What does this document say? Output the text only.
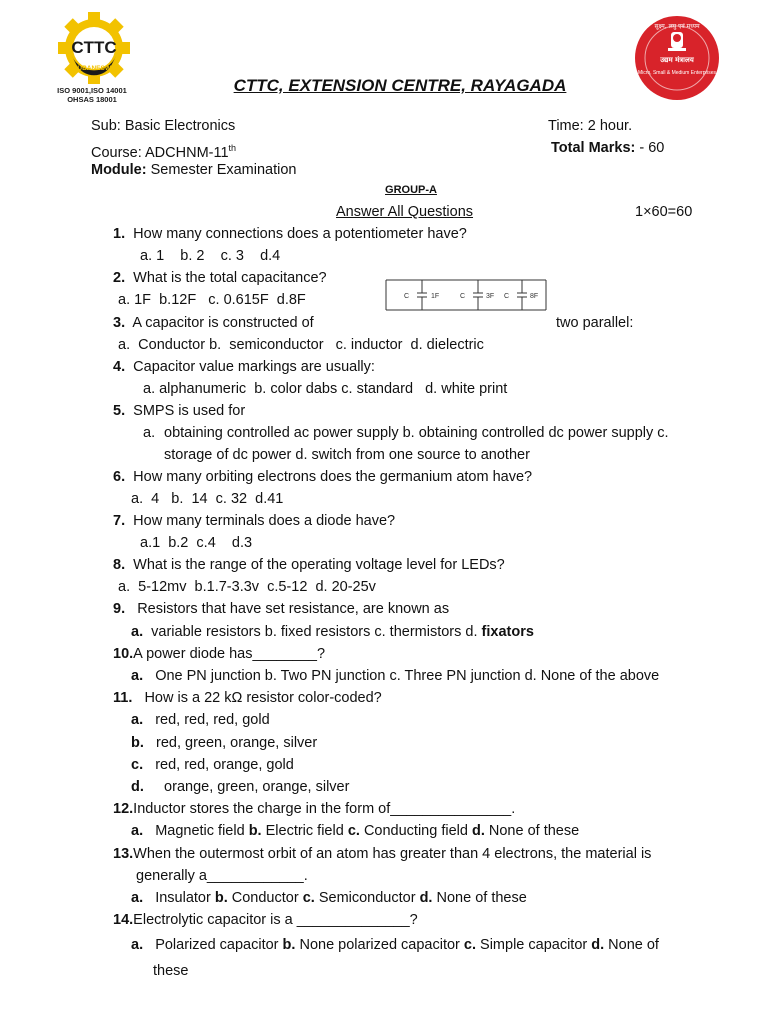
CTTC
BHUBANESWAR
ISO 9001,ISO 14001
OHSAS 18001
सूक्ष्म, लघु एवं मध्यम
उद्यम मंत्रालय
Micro, Small & Medium Enterprises
CTTC, EXTENSION CENTRE, RAYAGADA
Sub: Basic Electronics	Time: 2 hour.
Course: ADCHNM-11th	Total Marks: - 60
Module: Semester Examination
GROUP-A
Answer All Questions	1×60=60
C	1F	C	3F C	8F
1. How many connections does a potentiometer have?
a. 1    b. 2    c. 3    d.4
2. What is the total capacitance?
a. 1F  b.12F   c. 0.615F  d.8F
3. A capacitor is constructed of	two parallel:
a. Conductor b.  semiconductor   c. inductor  d. dielectric
4. Capacitor value markings are usually:
a. alphanumeric  b. color dabs c. standard   d. white print
5. SMPS is used for
a. obtaining controlled ac power supply b. obtaining controlled dc power supply c.
storage of dc power d. switch from one source to another
6. How many orbiting electrons does the germanium atom have?
a.  4   b.  14  c. 32  d.41
7. How many terminals does a diode have?
a.1  b.2  c.4    d.3
8. What is the range of the operating voltage level for LEDs?
a.  5-12mv  b.1.7-3.3v  c.5-12  d. 20-25v
9. Resistors that have set resistance, are known as
a. variable resistors b. fixed resistors c. thermistors d. fixators
10.A power diode has________?
a. One PN junction b. Two PN junction c. Three PN junction d. None of the above
11. How is a 22 kΩ resistor color-coded?
a. red, red, red, gold
b. red, green, orange, silver
c. red, red, orange, gold
d. orange, green, orange, silver
12.Inductor stores the charge in the form of_______________.
a. Magnetic field b. Electric field c. Conducting field d. None of these
13.When the outermost orbit of an atom has greater than 4 electrons, the material is
generally a____________.
a. Insulator b. Conductor c. Semiconductor d. None of these
14.Electrolytic capacitor is a ______________?
a. Polarized capacitor b. None polarized capacitor c. Simple capacitor d. None of
these
